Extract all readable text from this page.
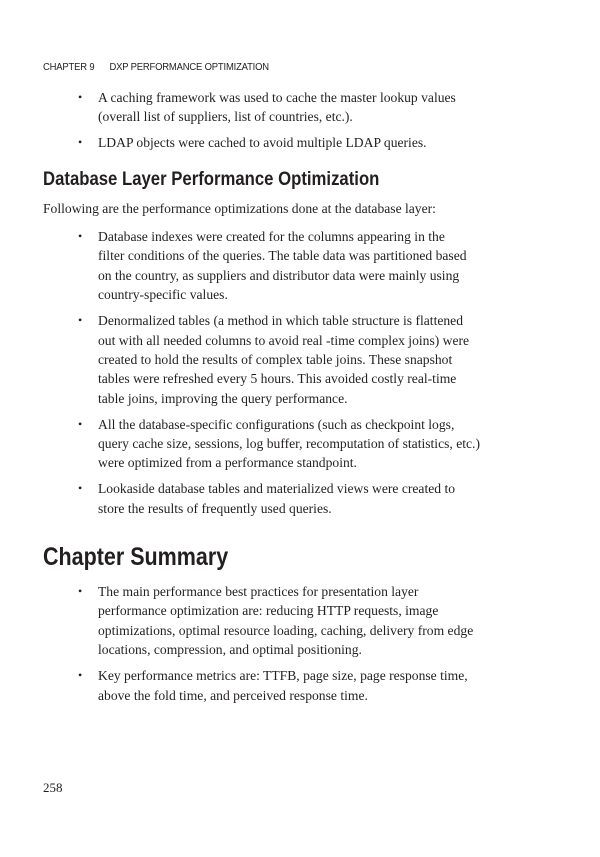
CHAPTER 9 DXP PERFORMANCE OPTIMIZATION
• A caching framework was used to cache the master lookup values
(overall list of suppliers, list of countries, etc.).
• LDAP objects were cached to avoid multiple LDAP queries.
Database Layer Performance Optimization
Following are the performance optimizations done at the database layer:
• Database indexes were created for the columns appearing in the
filter conditions of the queries. The table data was partitioned based
on the country, as suppliers and distributor data were mainly using
country-specific values.
• Denormalized tables (a method in which table structure is flattened
out with all needed columns to avoid real -time complex joins) were
created to hold the results of complex table joins. These snapshot
tables were refreshed every 5 hours. This avoided costly real-time
table joins, improving the query performance.
• All the database-specific configurations (such as checkpoint logs,
query cache size, sessions, log buffer, recomputation of statistics, etc.)
were optimized from a performance standpoint.
• Lookaside database tables and materialized views were created to
store the results of frequently used queries.
Chapter Summary
• The main performance best practices for presentation layer
performance optimization are: reducing HTTP requests, image
optimizations, optimal resource loading, caching, delivery from edge
locations, compression, and optimal positioning.
• Key performance metrics are: TTFB, page size, page response time,
above the fold time, and perceived response time.
258
